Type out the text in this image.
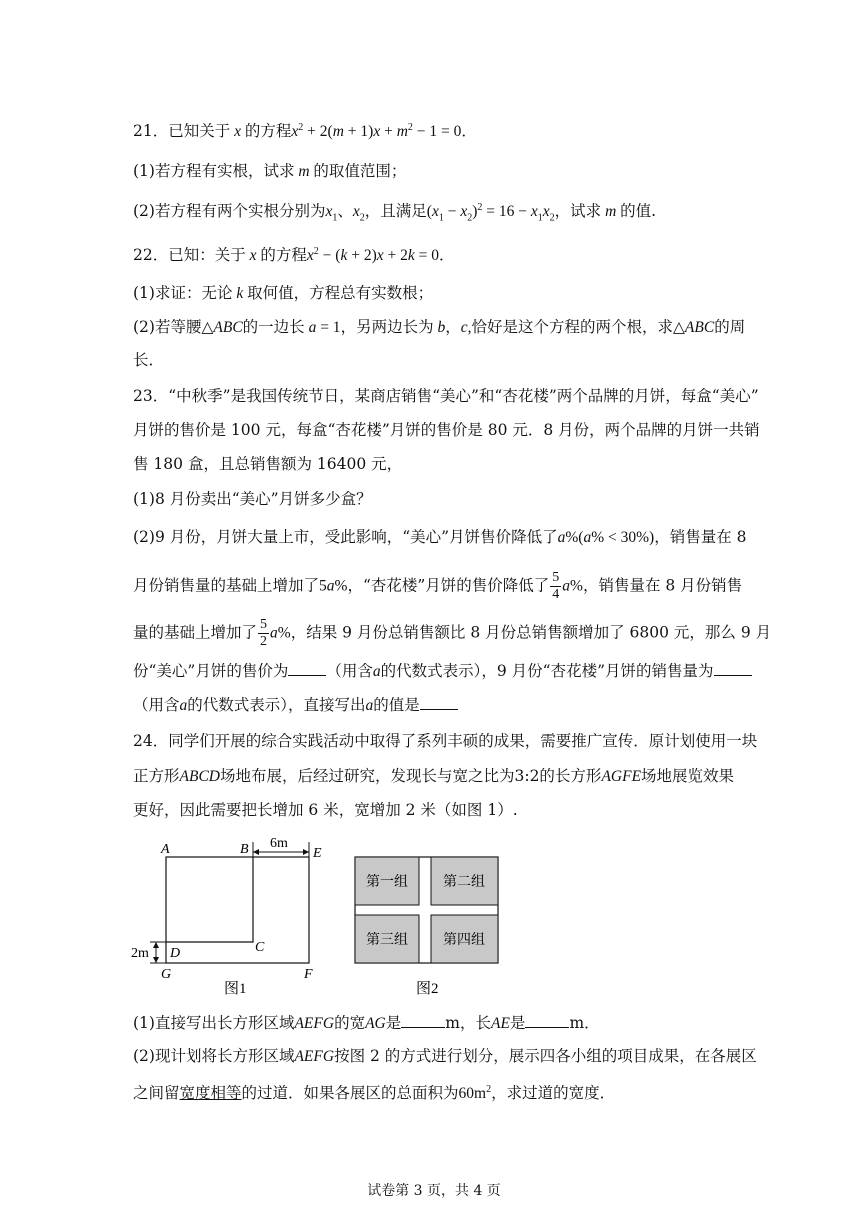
21．已知关于 x 的方程$x^2 + 2(m + 1)x + m^2 - 1 = 0$．
(1)若方程有实根，试求 m 的取值范围；
(2)若方程有两个实根分别为$x_1$、$x_2$，且满足$(x_1 - x_2)^2 = 16 - x_1x_2$，试求 m 的值.
22．已知：关于 x 的方程$x^2 - (k + 2)x + 2k = 0$．
(1)求证：无论 k 取何值，方程总有实数根；
(2)若等腰△ABC的一边长 a = 1，另两边长为 b，c,恰好是这个方程的两个根，求△ABC的周
长．
23．“中秋季”是我国传统节日，某商店销售“美心”和“杏花楼”两个品牌的月饼，每盒“美心”
月饼的售价是 100 元，每盒“杏花楼”月饼的售价是 80 元．8 月份，两个品牌的月饼一共销
售 180 盒，且总销售额为 16400 元，
(1)8 月份卖出“美心”月饼多少盒？
(2)9 月份，月饼大量上市，受此影响，“美心”月饼售价降低了a%(a% < 30%)，销售量在 8
月份销售量的基础上增加了5a%，“杏花楼”月饼的售价降低了 $\frac{5}{4} a\%$，销售量在 8 月份销售
量的基础上增加了 $\frac{5}{2} a\%$，结果 9 月份总销售额比 8 月份总销售额增加了 6800 元，那么 9 月
份“美心”月饼的售价为 （用含a的代数式表示），9 月份“杏花楼”月饼的销售量为
（用含a的代数式表示），直接写出a的值是
24．同学们开展的综合实践活动中取得了系列丰硕的成果，需要推广宣传．原计划使用一块
正方形ABCD场地布展，后经过研究，发现长与宽之比为3:2的长方形AGFE场地展览效果
更好，因此需要把长增加 6 米，宽增加 2 米（如图 1）.
6m
2m
A	B	E
C
D
G	F
图1
第一组	第二组
第三组	第四组
图2
(1)直接写出长方形区域AEFG的宽AG是	m，长AE是	m．
(2)现计划将长方形区域AEFG按图 2 的方式进行划分，展示四各小组的项目成果，在各展区
之间留宽度相等的过道．如果各展区的总面积为$60m^2$，求过道的宽度．
试卷第 3 页，共 4 页
